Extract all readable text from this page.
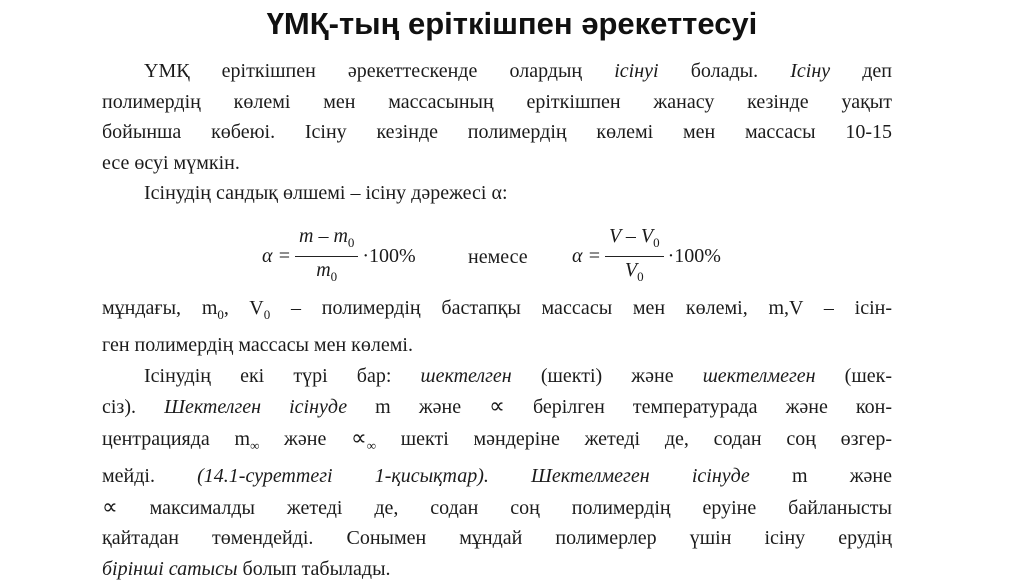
ҮМҚ-тың еріткішпен әрекеттесуі
ҮМҚ еріткішпен әрекеттескенде олардың ісінуі болады. Ісіну деп
полимердің көлемі мен массасының еріткішпен жанасу кезінде уақыт
бойынша көбеюі. Ісіну кезінде полимердің көлемі мен массасы 10-15
есе өсуі мүмкін.
Ісінудің сандық өлшемі – ісіну дәрежесі α:
$\alpha = \frac{m - m_0}{m_0} \cdot 100\%$	немесе $\alpha = \frac{V - V_0}{V_0} \cdot 100\%$
мұндағы, $m_0$, $V_0$ – полимердің бастапқы массасы мен көлемі, m,V – ісін-
ген полимердің массасы мен көлемі.
Ісінудің екі түрі бар: шектелген (шекті) және шектелмеген (шек-
сіз). Шектелген ісінуде m және ∝ берілген температурада және кон-
центрацияда $m_\infty$ және $\propto_\infty$ шекті мәндеріне жетеді де, содан соң өзгер-
мейді. (14.1-суреттегі 1-қисықтар). Шектелмеген ісінуде m және
∝ максималды жетеді де, содан соң полимердің еруіне байланысты
қайтадан төмендейді. Сонымен мұндай полимерлер үшін ісіну ерудің
бірінші сатысы болып табылады.
